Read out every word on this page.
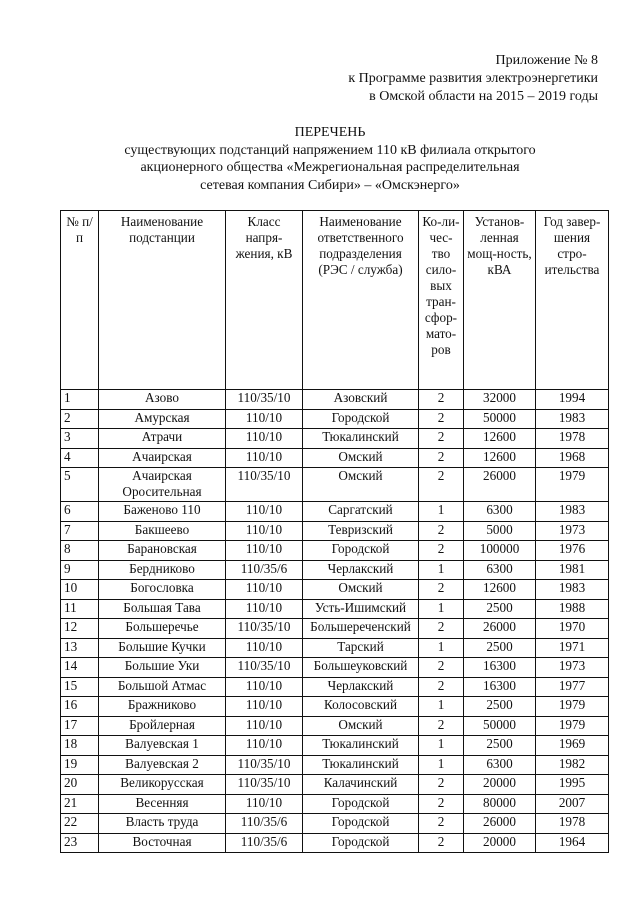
Приложение № 8
к Программе развития электроэнергетики
в Омской области на 2015 – 2019 годы
ПЕРЕЧЕНЬ
существующих подстанций напряжением 110 кВ филиала открытого
акционерного общества «Межрегиональная распределительная
сетевая компания Сибири» – «Омскэнерго»
№ п/п	Наименование подстанции	Класс напря-жения, кВ	Наименование ответственного подразделения (РЭС / служба)	Ко-ли-чес-тво сило-вых тран-сфор-мато-ров	Установ-ленная мощ-ность, кВА	Год завер-шения стро-ительства

1	Азово	110/35/10	Азовский	2	32000	1994
2	Амурская	110/10	Городской	2	50000	1983
3	Атрачи	110/10	Тюкалинский	2	12600	1978
4	Ачаирская	110/10	Омский	2	12600	1968
5	Ачаирская Оросительная	110/35/10	Омский	2	26000	1979
6	Баженово 110	110/10	Саргатский	1	6300	1983
7	Бакшеево	110/10	Тевризский	2	5000	1973
8	Барановская	110/10	Городской	2	100000	1976
9	Бердниково	110/35/6	Черлакский	1	6300	1981
10	Богословка	110/10	Омский	2	12600	1983
11	Большая Тава	110/10	Усть-Ишимский	1	2500	1988
12	Большеречье	110/35/10	Большереченский	2	26000	1970
13	Большие Кучки	110/10	Тарский	1	2500	1971
14	Большие Уки	110/35/10	Большеуковский	2	16300	1973
15	Большой Атмас	110/10	Черлакский	2	16300	1977
16	Бражниково	110/10	Колосовский	1	2500	1979
17	Бройлерная	110/10	Омский	2	50000	1979
18	Валуевская 1	110/10	Тюкалинский	1	2500	1969
19	Валуевская 2	110/35/10	Тюкалинский	1	6300	1982
20	Великорусская	110/35/10	Калачинский	2	20000	1995
21	Весенняя	110/10	Городской	2	80000	2007
22	Власть труда	110/35/6	Городской	2	26000	1978
23	Восточная	110/35/6	Городской	2	20000	1964
